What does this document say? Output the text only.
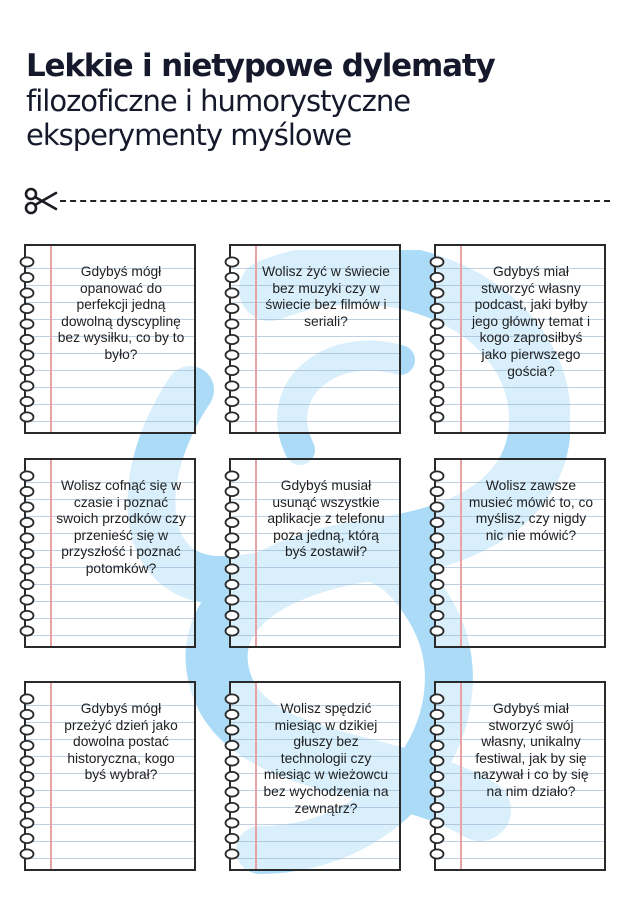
Lekkie i nietypowe dylematy
filozoficzne i humorystyczne
eksperymenty myślowe
Gdybyś mógł opanować do perfekcji jedną dowolną dyscyplinę bez wysiłku, co by to było?
Wolisz żyć w świecie bez muzyki czy w świecie bez filmów i seriali?
Gdybyś miał stworzyć własny podcast, jaki byłby jego główny temat i kogo zaprosiłbyś jako pierwszego gościa?
Wolisz cofnąć się w czasie i poznać swoich przodków czy przenieść się w przyszłość i poznać potomków?
Gdybyś musiał usunąć wszystkie aplikacje z telefonu poza jedną, którą byś zostawił?
Wolisz zawsze musieć mówić to, co myślisz, czy nigdy nic nie mówić?
Gdybyś mógł przeżyć dzień jako dowolna postać historyczna, kogo byś wybrał?
Wolisz spędzić miesiąc w dzikiej głuszy bez technologii czy miesiąc w wieżowcu bez wychodzenia na zewnątrz?
Gdybyś miał stworzyć swój własny, unikalny festiwal, jak by się nazywał i co by się na nim działo?
